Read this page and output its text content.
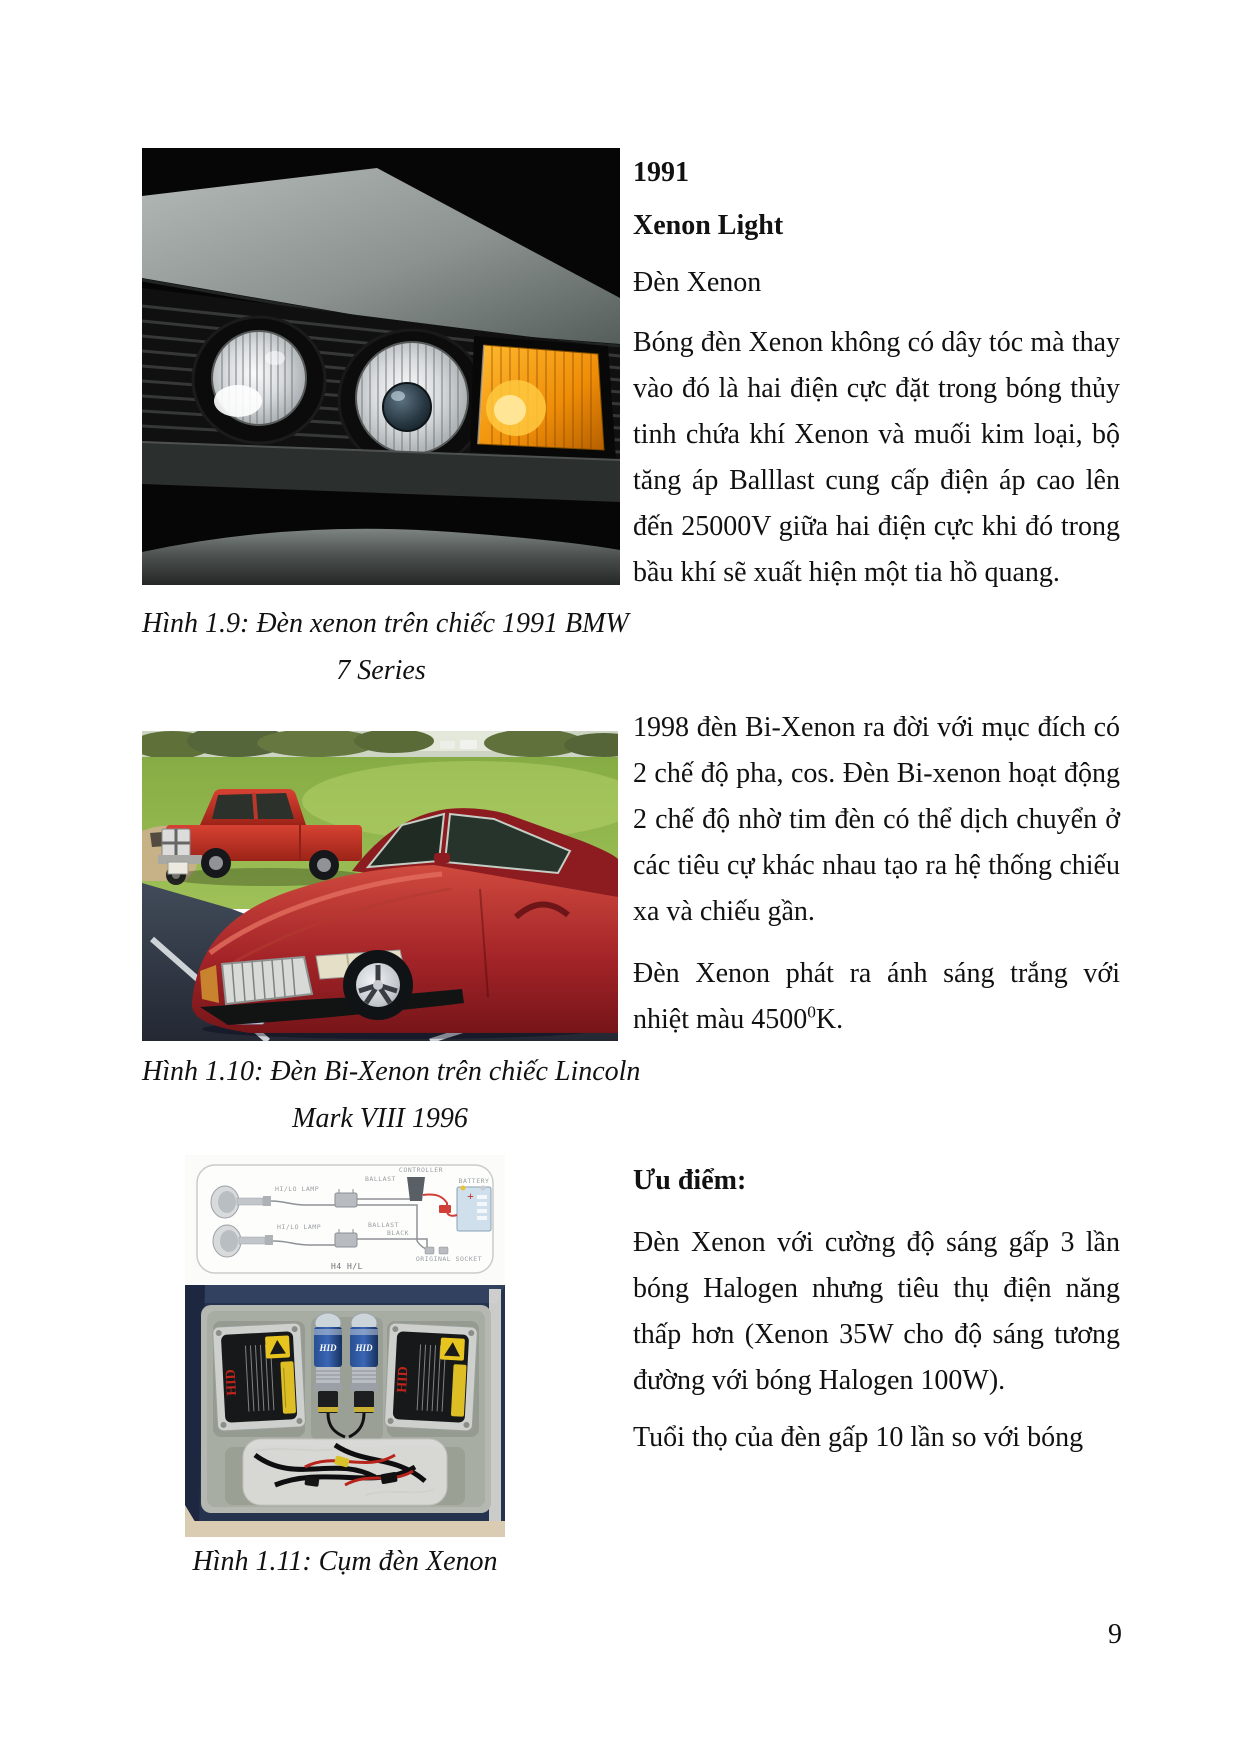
Hình 1.9: Đèn xenon trên chiếc 1991 BMW
7 Series
Hình 1.10: Đèn Bi-Xenon trên chiếc Lincoln
Mark VIII 1996
+
HI/LO LAMP
BALLAST
CONTROLLER
BATTERY
HI/LO LAMP	BALLAST
BLACK
ORIGINAL SOCKET
H4 H/L
HID	HID
HID HID
Hình 1.11: Cụm đèn Xenon
1991
Xenon Light
Đèn Xenon
Bóng đèn Xenon không có dây tóc mà thay vào đó là hai điện cực đặt trong bóng thủy tinh chứa khí Xenon và muối kim loại, bộ tăng áp Balllast cung cấp điện áp cao lên đến 25000V giữa hai điện cực khi đó trong bầu khí sẽ xuất hiện một tia hồ quang.
1998 đèn Bi-Xenon ra đời với mục đích có 2 chế độ pha, cos. Đèn Bi-xenon hoạt động 2 chế độ nhờ tim đèn có thể dịch chuyển ở các tiêu cự khác nhau tạo ra hệ thống chiếu xa và chiếu gần.
Đèn Xenon phát ra ánh sáng trắng với nhiệt màu 4500$^0$K.
Ưu điểm:
Đèn Xenon với cường độ sáng gấp 3 lần bóng Halogen nhưng tiêu thụ điện năng thấp hơn (Xenon 35W cho độ sáng tương đường với bóng Halogen 100W).
Tuổi thọ của đèn gấp 10 lần so với bóng
9
